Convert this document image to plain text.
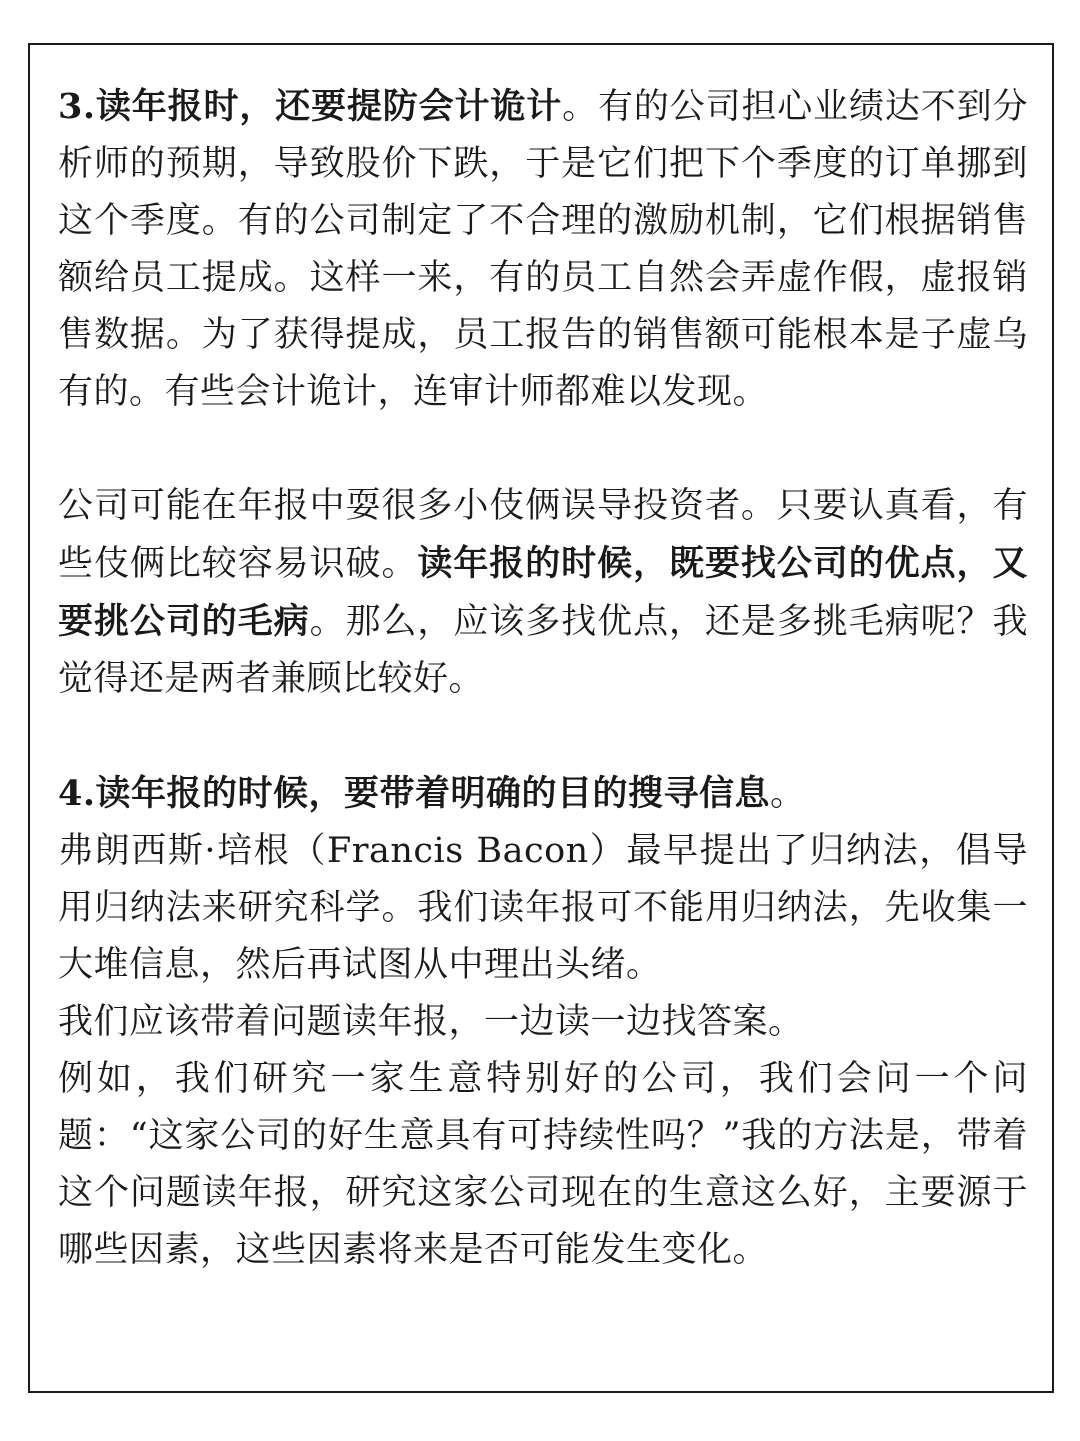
3.读年报时，还要提防会计诡计。有的公司担心业绩达不到分析师的预期，导致股价下跌，于是它们把下个季度的订单挪到这个季度。有的公司制定了不合理的激励机制，它们根据销售额给员工提成。这样一来，有的员工自然会弄虚作假，虚报销售数据。为了获得提成，员工报告的销售额可能根本是子虚乌有的。有些会计诡计，连审计师都难以发现。

公司可能在年报中耍很多小伎俩误导投资者。只要认真看，有些伎俩比较容易识破。读年报的时候，既要找公司的优点，又要挑公司的毛病。那么，应该多找优点，还是多挑毛病呢？我觉得还是两者兼顾比较好。

4.读年报的时候，要带着明确的目的搜寻信息。
弗朗西斯·培根（Francis Bacon）最早提出了归纳法，倡导用归纳法来研究科学。我们读年报可不能用归纳法，先收集一大堆信息，然后再试图从中理出头绪。
我们应该带着问题读年报，一边读一边找答案。
例如，我们研究一家生意特别好的公司，我们会问一个问题：“这家公司的好生意具有可持续性吗？”我的方法是，带着这个问题读年报，研究这家公司现在的生意这么好，主要源于哪些因素，这些因素将来是否可能发生变化。
